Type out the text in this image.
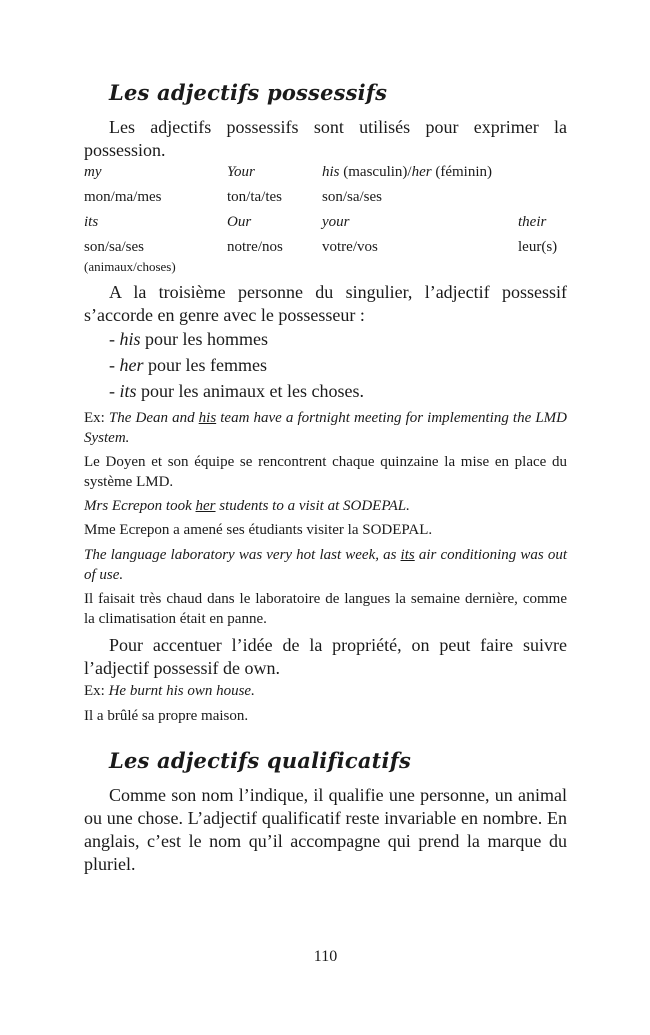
Les adjectifs possessifs
Les adjectifs possessifs sont utilisés pour exprimer la possession.
my	Your	his (masculin)/her (féminin)
mon/ma/mes	ton/ta/tes	son/sa/ses
its	Our	your	their
son/sa/ses	notre/nos	votre/vos	leur(s)
(animaux/choses)
A la troisième personne du singulier, l’adjectif possessif s’accorde en genre avec le possesseur :
- his pour les hommes
- her pour les femmes
- its pour les animaux et les choses.
Ex: The Dean and his team have a fortnight meeting for implementing the LMD System.
Le Doyen et son équipe se rencontrent chaque quinzaine la mise en place du système LMD.
Mrs Ecrepon took her students to a visit at SODEPAL.
Mme Ecrepon a amené ses étudiants visiter la SODEPAL.
The language laboratory was very hot last week, as its air conditioning was out of use.
Il faisait très chaud dans le laboratoire de langues la semaine dernière, comme la climatisation était en panne.
Pour accentuer l’idée de la propriété, on peut faire suivre l’adjectif possessif de own.
Ex: He burnt his own house.
Il a brûlé sa propre maison.
Les adjectifs qualificatifs
Comme son nom l’indique, il qualifie une personne, un animal ou une chose. L’adjectif qualificatif reste invariable en nombre. En anglais, c’est le nom qu’il accompagne qui prend la marque du pluriel.
110
